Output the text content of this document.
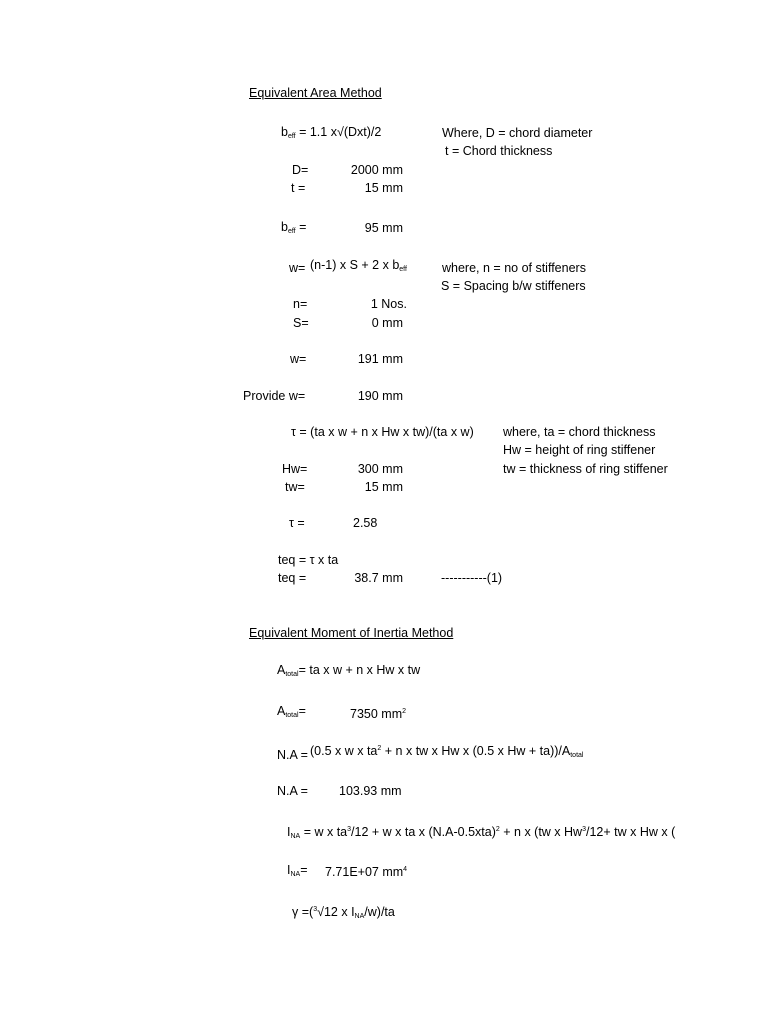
Equivalent Area Method
$b_{eff} = 1.1$ x√(Dxt)/2	Where, D = chord diameter
t = Chord thickness
D=	2000 mm
t =	15 mm
$b_{eff}$ =	95 mm
w= (n-1) x S + 2 x $b_{eff}$	where, n = no of stiffeners
S = Spacing b/w stiffeners
n=	1 Nos.
S=	0 mm
w=	191 mm
Provide w=	190 mm
τ = (ta x w + n x Hw x tw)/(ta x w) where, ta = chord thickness
Hw = height of ring stiffener
tw = thickness of ring stiffener
Hw=	300 mm
tw=	15 mm
τ =	2.58
teq = τ x ta
teq =	38.7 mm	-----------(1)
Equivalent Moment of Inertia Method
$A_{total}=$ ta x w + n x Hw x tw
$A_{total}=$	7350 $mm^2$
N.A = (0.5 x w x $ta^2 + n$ x tw x Hw x (0.5 x $Hw + ta))/A_{total}$
N.A = 103.93 mm
$I_{NA} = w$ x $ta^3/12 + w$ x ta x $(N.A-0.5xta)^2 + n$ x (tw x $Hw^3/12+$ tw x Hw x (
$I_{NA}= 7.71E+07$ $mm^4$
γ =($^3$√12 x $I_{NA}/w)/ta$
